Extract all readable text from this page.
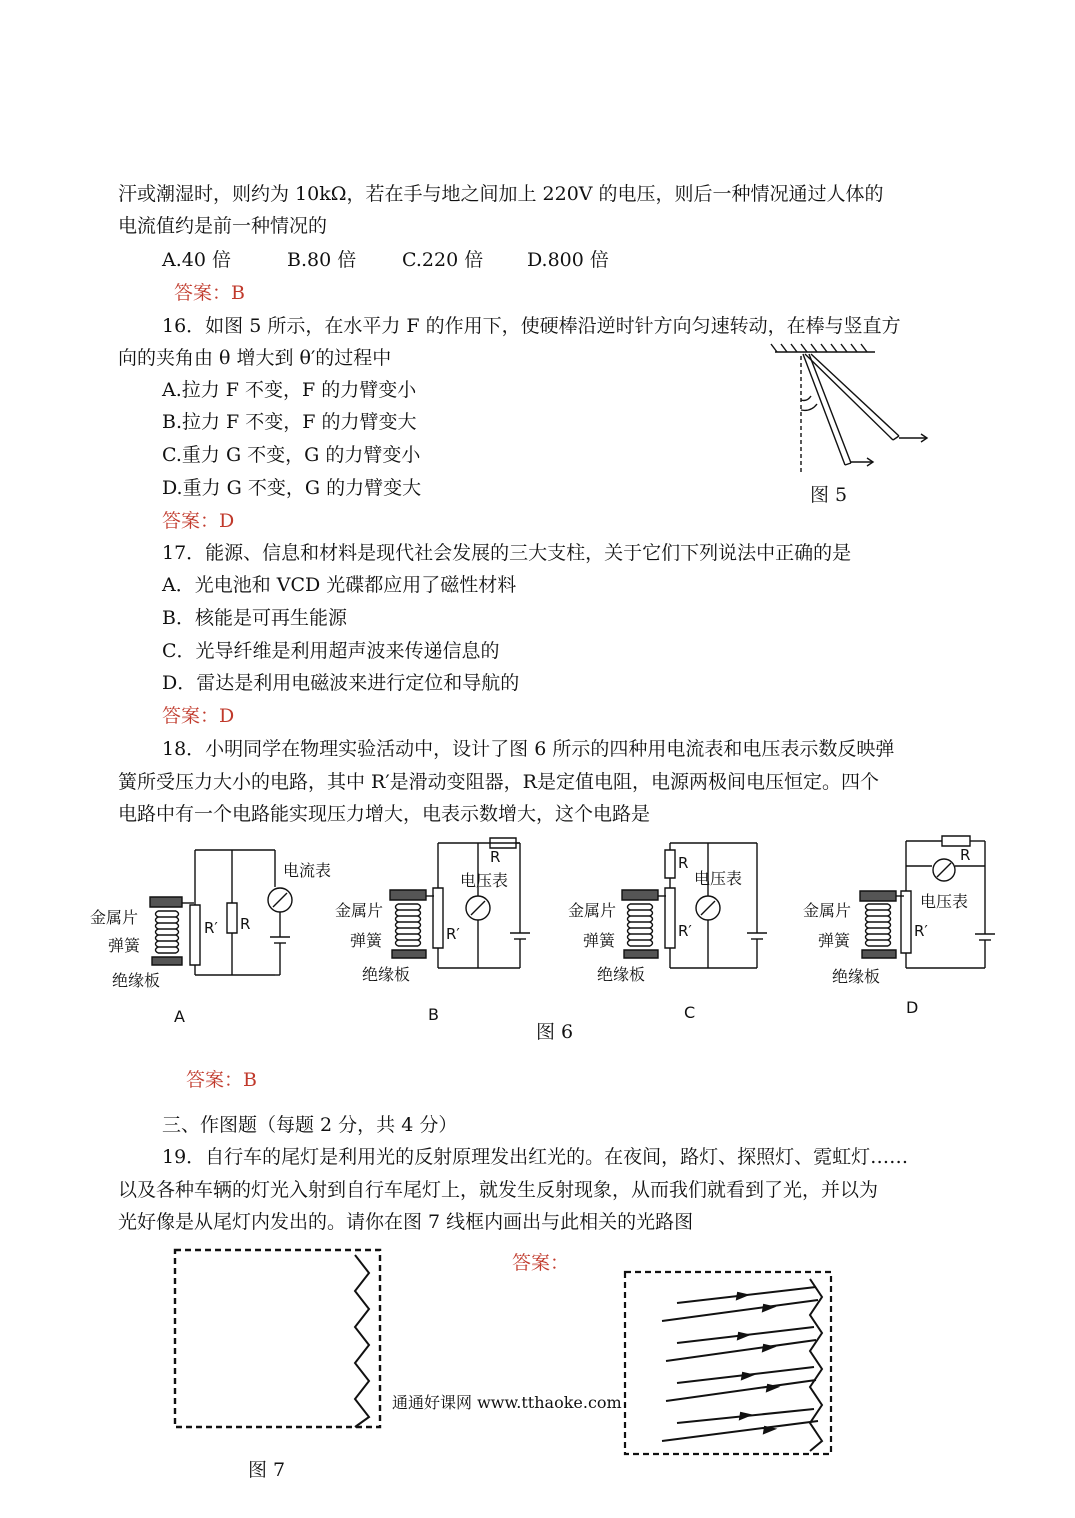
汗或潮湿时，则约为 10kΩ，若在手与地之间加上 220V 的电压，则后一种情况通过人体的
电流值约是前一种情况的
A.40 倍	B.80 倍 C.220 倍 D.800 倍
答案：B
16．如图 5 所示，在水平力 F 的作用下，使硬棒沿逆时针方向匀速转动，在棒与竖直方
向的夹角由 θ 增大到 θ′的过程中
A.拉力 F 不变，F 的力臂变小
B.拉力 F 不变，F 的力臂变大
C.重力 G 不变，G 的力臂变小
D.重力 G 不变，G 的力臂变大
答案：D
图 5
17．能源、信息和材料是现代社会发展的三大支柱，关于它们下列说法中正确的是
A．光电池和 VCD 光碟都应用了磁性材料
B．核能是可再生能源
C．光导纤维是利用超声波来传递信息的
D．雷达是利用电磁波来进行定位和导航的
答案：D
18．小明同学在物理实验活动中，设计了图 6 所示的四种用电流表和电压表示数反映弹
簧所受压力大小的电路，其中 R′是滑动变阻器，R是定值电阻，电源两极间电压恒定。四个
电路中有一个电路能实现压力增大，电表示数增大，这个电路是
电流表
金属片
弹簧
绝缘板
R′ R
A
电压表
金属片
弹簧
绝缘板
R′
R
B
电压表
金属片
弹簧
绝缘板
R′
R
C
电压表
金属片
弹簧
绝缘板
R′
R
D
图 6
答案：B
三、作图题（每题 2 分，共 4 分）
19．自行车的尾灯是利用光的反射原理发出红光的。在夜间，路灯、探照灯、霓虹灯……
以及各种车辆的灯光入射到自行车尾灯上，就发生反射现象，从而我们就看到了光，并以为
光好像是从尾灯内发出的。请你在图 7 线框内画出与此相关的光路图
图 7
答案：
通通好课网 www.tthaoke.com
